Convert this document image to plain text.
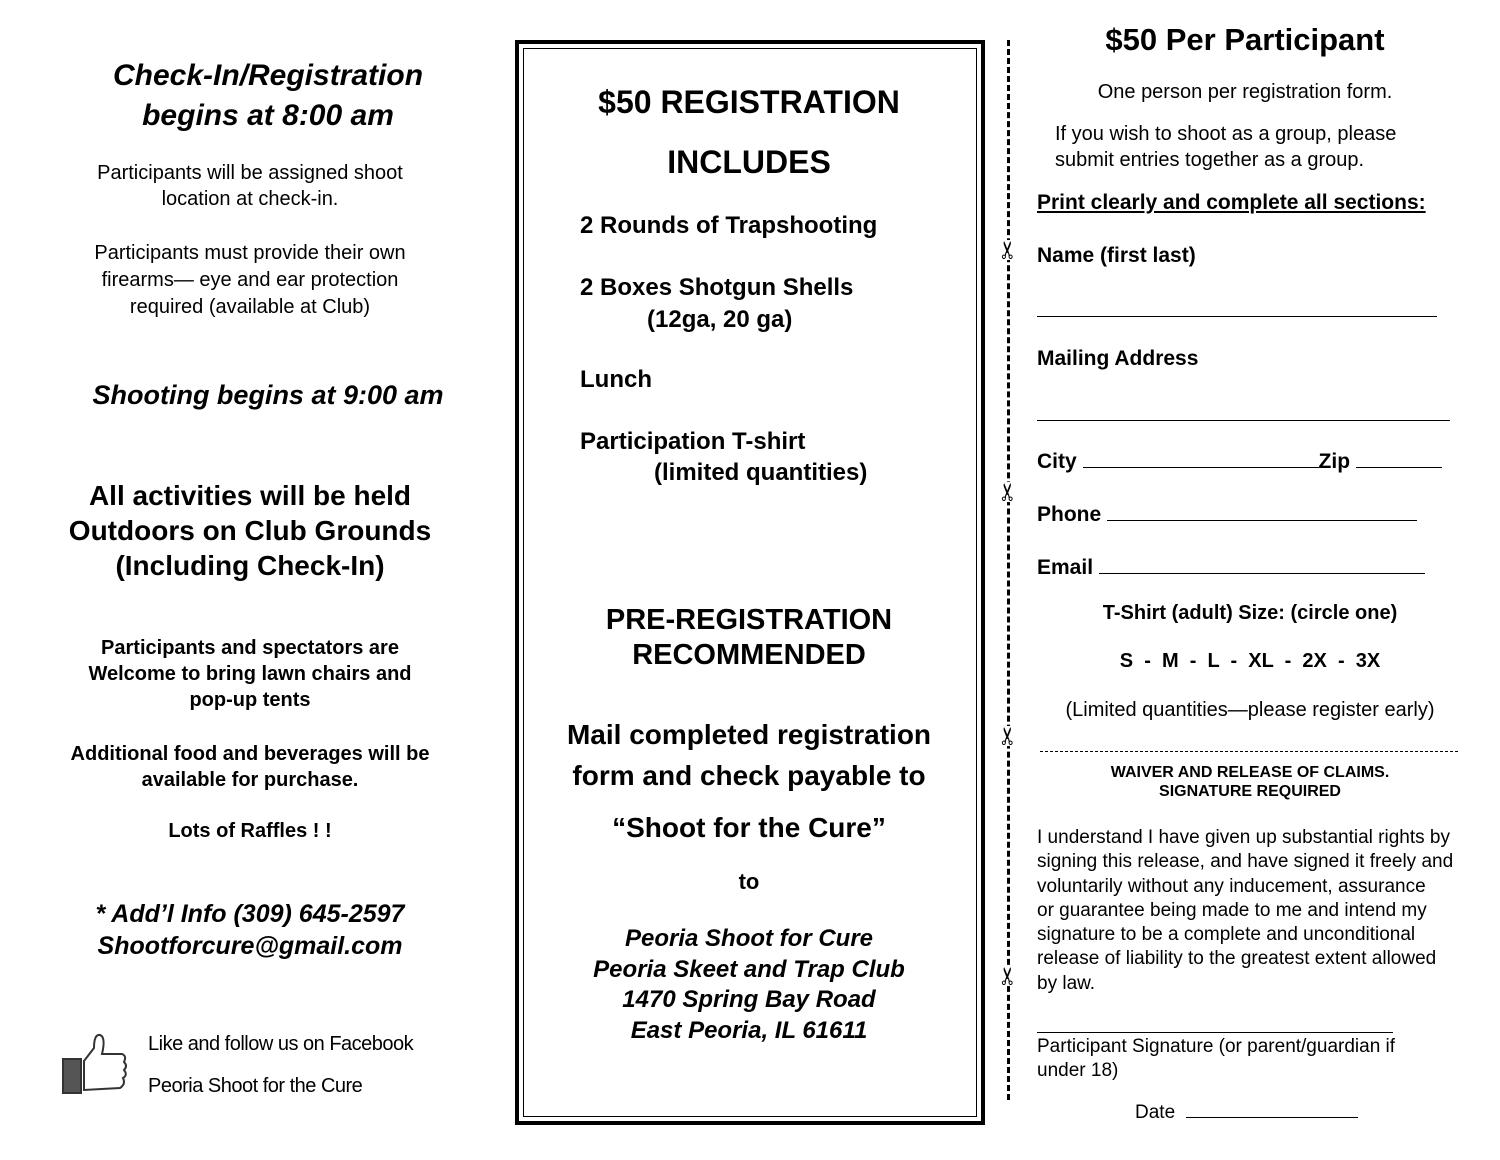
Check-In/Registration
begins at 8:00 am
Participants will be assigned shoot
location at check-in.
Participants must provide their own
firearms— eye and ear protection
required (available at Club)
Shooting begins at 9:00 am
All activities will be held
Outdoors on Club Grounds
(Including Check-In)
Participants and spectators are
Welcome to bring lawn chairs and
pop-up tents
Additional food and beverages will be
available for purchase.
Lots of Raffles ! !
* Add’l Info (309) 645-2597
Shootforcure@gmail.com
Like and follow us on Facebook
Peoria Shoot for the Cure
$50 REGISTRATION
INCLUDES
2 Rounds of Trapshooting
2 Boxes Shotgun Shells
(12ga, 20 ga)
Lunch
Participation T-shirt
(limited quantities)
PRE-REGISTRATION
RECOMMENDED
Mail completed registration
form and check payable to
“Shoot for the Cure”
to
Peoria Shoot for Cure
Peoria Skeet and Trap Club
1470 Spring Bay Road
East Peoria, IL 61611
✂
✂
✂
✂
$50 Per Participant
One person per registration form.
If you wish to shoot as a group, please
submit entries together as a group.
Print clearly and complete all sections:
Name (first last)
Mailing Address
City	Zip
Phone
Email
T-Shirt (adult) Size: (circle one)
S  -  M  -  L  -  XL  -  2X  -  3X
(Limited quantities—please register early)
WAIVER AND RELEASE OF CLAIMS.
SIGNATURE REQUIRED
I understand I have given up substantial rights by
signing this release, and have signed it freely and
voluntarily without any inducement, assurance
or guarantee being made to me and intend my
signature to be a complete and unconditional
release of liability to the greatest extent allowed
by law.
Participant Signature (or parent/guardian if
under 18)
Date
